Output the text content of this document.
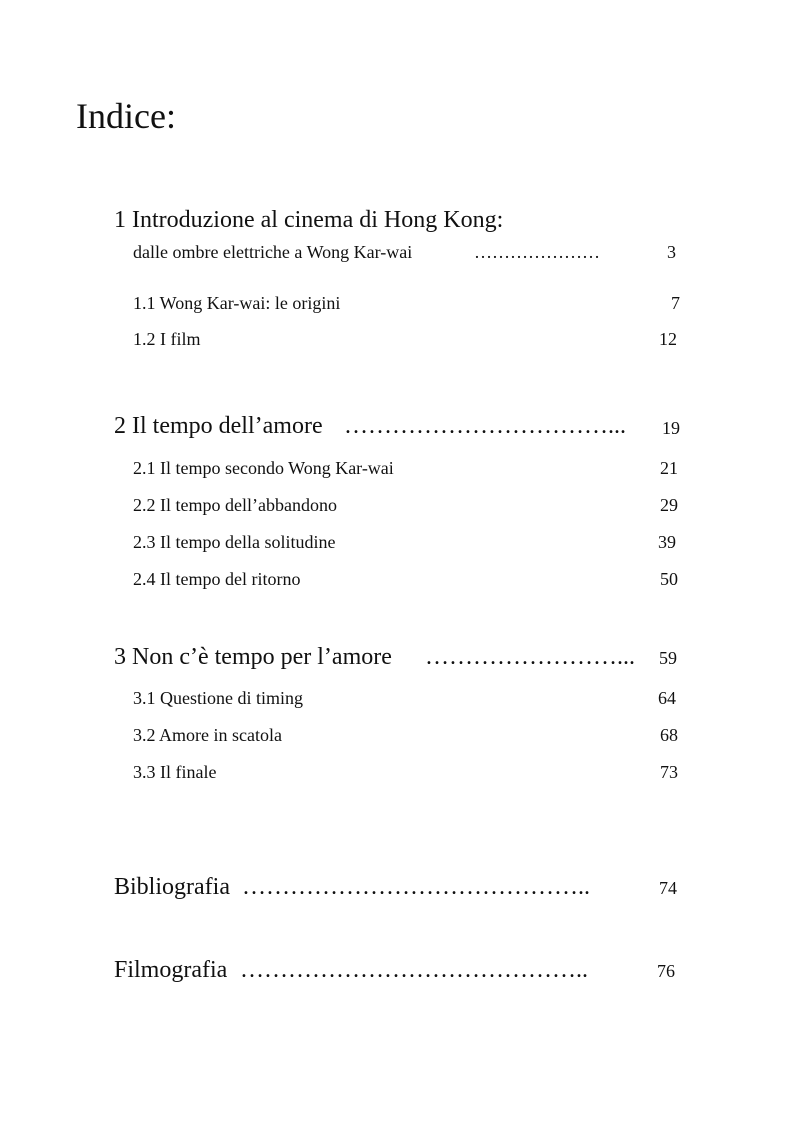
Indice:
1 Introduzione al cinema di Hong Kong:
dalle ombre elettriche a Wong Kar-wai	…………………	3
1.1 Wong Kar-wai: le origini	7
1.2 I film	12
2 Il tempo dell’amore ……………………………... 19
2.1 Il tempo secondo Wong Kar-wai	21
2.2 Il tempo dell’abbandono	29
2.3 Il tempo della solitudine	39
2.4 Il tempo del ritorno	50
3 Non c’è tempo per l’amore ……………………... 59
3.1 Questione di timing	64
3.2 Amore in scatola	68
3.3 Il finale	73
Bibliografia ……………………………………..	74
Filmografia ……………………………………..	76
